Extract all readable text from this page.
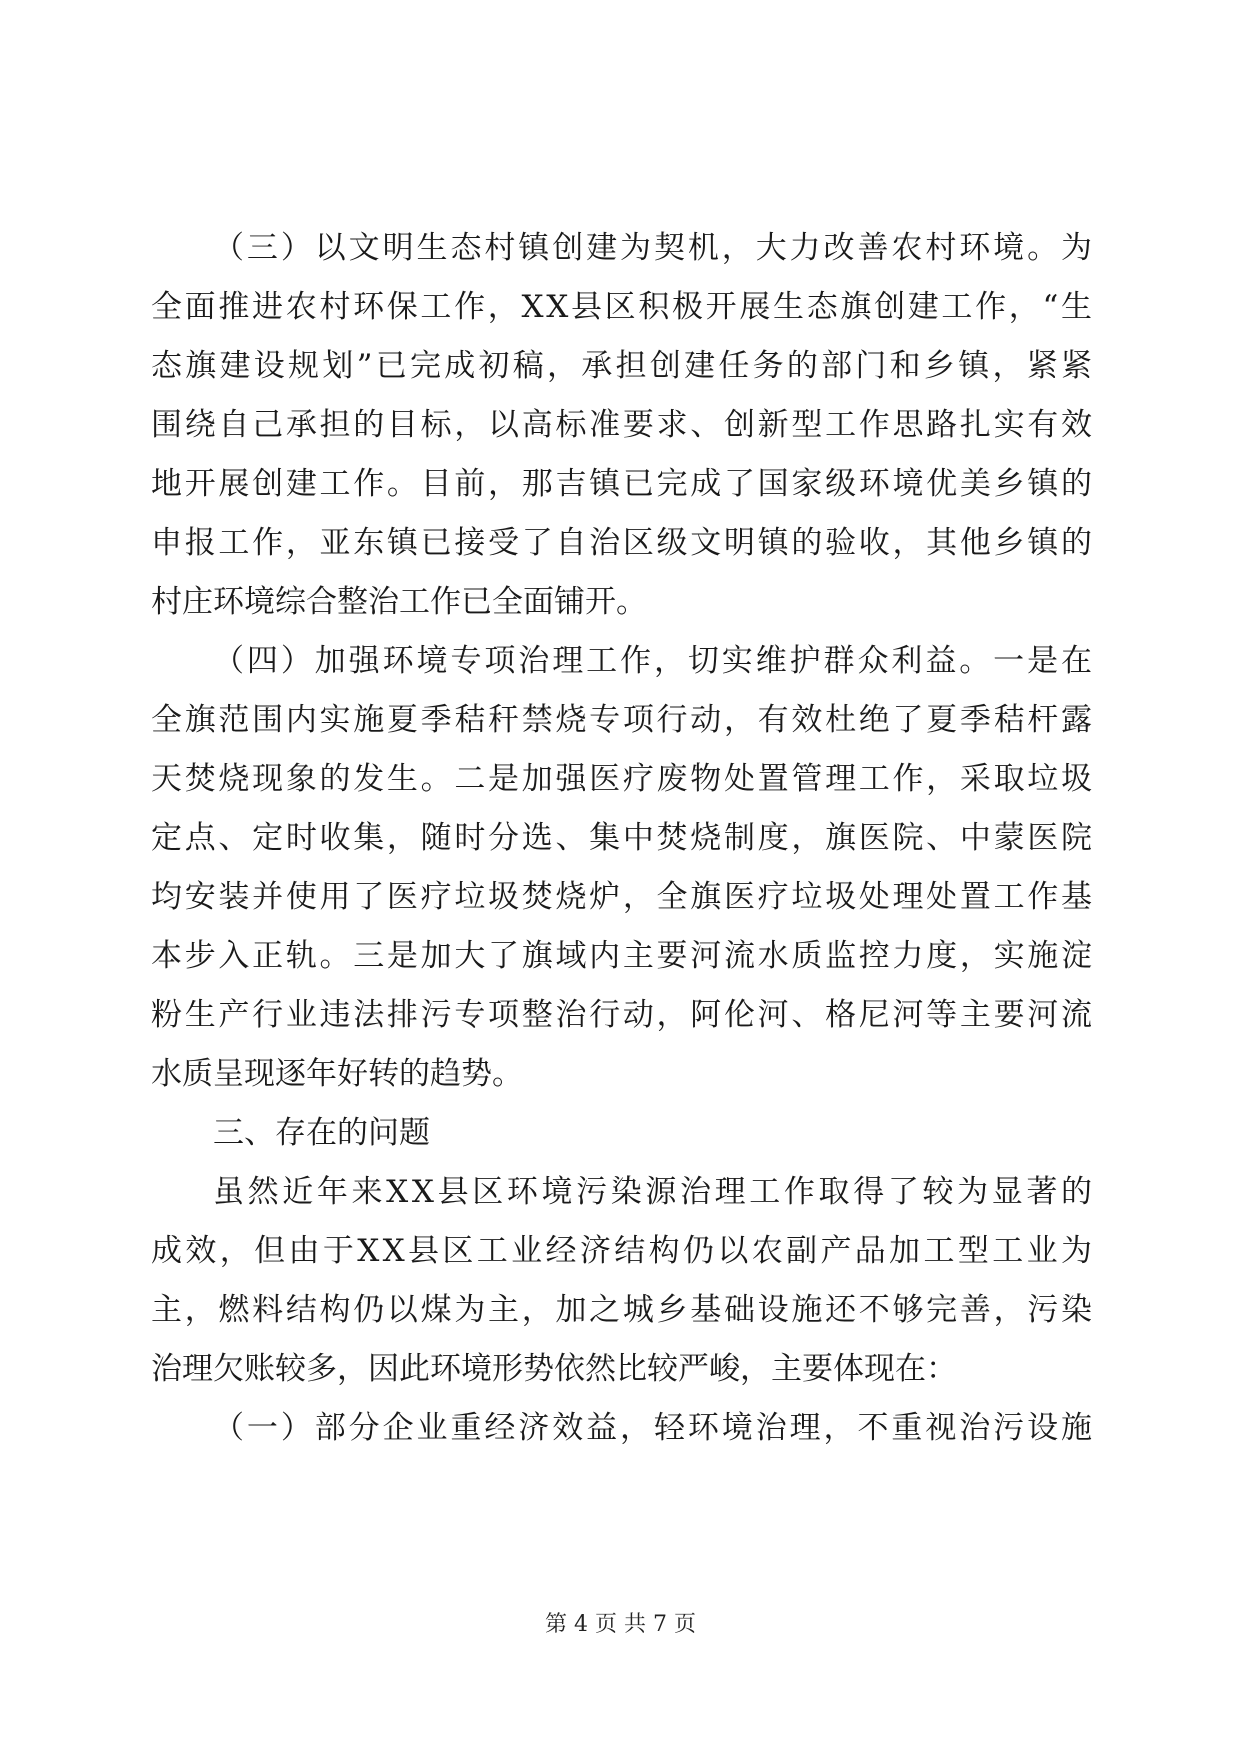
（三）以文明生态村镇创建为契机，大力改善农村环境。为
全面推进农村环保工作，XX县区积极开展生态旗创建工作，“生
态旗建设规划”已完成初稿，承担创建任务的部门和乡镇，紧紧
围绕自己承担的目标，以高标准要求、创新型工作思路扎实有效
地开展创建工作。目前，那吉镇已完成了国家级环境优美乡镇的
申报工作，亚东镇已接受了自治区级文明镇的验收，其他乡镇的
村庄环境综合整治工作已全面铺开。
（四）加强环境专项治理工作，切实维护群众利益。一是在
全旗范围内实施夏季秸秆禁烧专项行动，有效杜绝了夏季秸杆露
天焚烧现象的发生。二是加强医疗废物处置管理工作，采取垃圾
定点、定时收集，随时分选、集中焚烧制度，旗医院、中蒙医院
均安装并使用了医疗垃圾焚烧炉，全旗医疗垃圾处理处置工作基
本步入正轨。三是加大了旗域内主要河流水质监控力度，实施淀
粉生产行业违法排污专项整治行动，阿伦河、格尼河等主要河流
水质呈现逐年好转的趋势。
三、存在的问题
虽然近年来XX县区环境污染源治理工作取得了较为显著的
成效，但由于XX县区工业经济结构仍以农副产品加工型工业为
主，燃料结构仍以煤为主，加之城乡基础设施还不够完善，污染
治理欠账较多，因此环境形势依然比较严峻，主要体现在：
（一）部分企业重经济效益，轻环境治理，不重视治污设施
第 4 页 共 7 页
